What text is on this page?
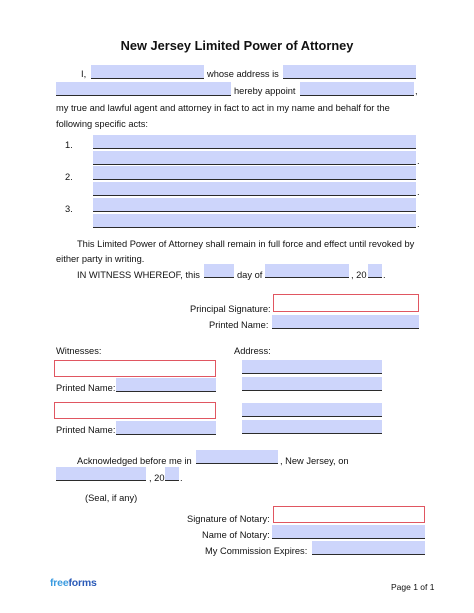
New Jersey Limited Power of Attorney
I,	whose address is
hereby appoint	,
my true and lawful agent and attorney in fact to act in my name and behalf for the
following specific acts:
1.
.
2.
.
3.
.
This Limited Power of Attorney shall remain in full force and effect until revoked by
either party in writing.
IN WITNESS WHEREOF, this	day of	, 20 .
Principal Signature:
Printed Name:
Witnesses:	Address:
Printed Name:
Printed Name:
Acknowledged before me in	, New Jersey, on
, 20 .
(Seal, if any)
Signature of Notary:
Name of Notary:
My Commission Expires:
freeforms	Page 1 of 1
